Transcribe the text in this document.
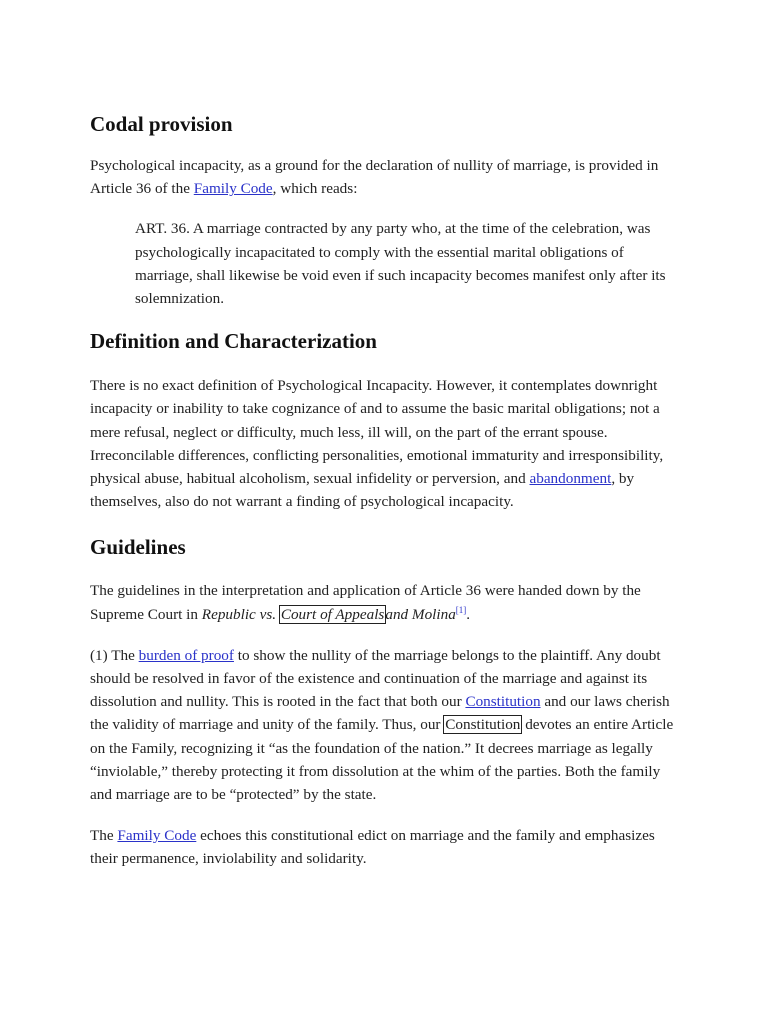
Codal provision

Psychological incapacity, as a ground for the declaration of nullity of marriage, is provided in Article 36 of the Family Code, which reads:

ART. 36. A marriage contracted by any party who, at the time of the celebration, was psychologically incapacitated to comply with the essential marital obligations of marriage, shall likewise be void even if such incapacity becomes manifest only after its solemnization.

Definition and Characterization

There is no exact definition of Psychological Incapacity. However, it contemplates downright incapacity or inability to take cognizance of and to assume the basic marital obligations; not a mere refusal, neglect or difficulty, much less, ill will, on the part of the errant spouse. Irreconcilable differences, conflicting personalities, emotional immaturity and irresponsibility, physical abuse, habitual alcoholism, sexual infidelity or perversion, and abandonment, by themselves, also do not warrant a finding of psychological incapacity.

Guidelines

The guidelines in the interpretation and application of Article 36 were handed down by the Supreme Court in Republic vs. Court of Appealsand Molina[1].

(1) The burden of proof to show the nullity of the marriage belongs to the plaintiff. Any doubt should be resolved in favor of the existence and continuation of the marriage and against its dissolution and nullity. This is rooted in the fact that both our Constitution and our laws cherish the validity of marriage and unity of the family. Thus, our Constitution devotes an entire Article on the Family, recognizing it “as the foundation of the nation.” It decrees marriage as legally “inviolable,” thereby protecting it from dissolution at the whim of the parties. Both the family and marriage are to be “protected” by the state.

The Family Code echoes this constitutional edict on marriage and the family and emphasizes their permanence, inviolability and solidarity.
